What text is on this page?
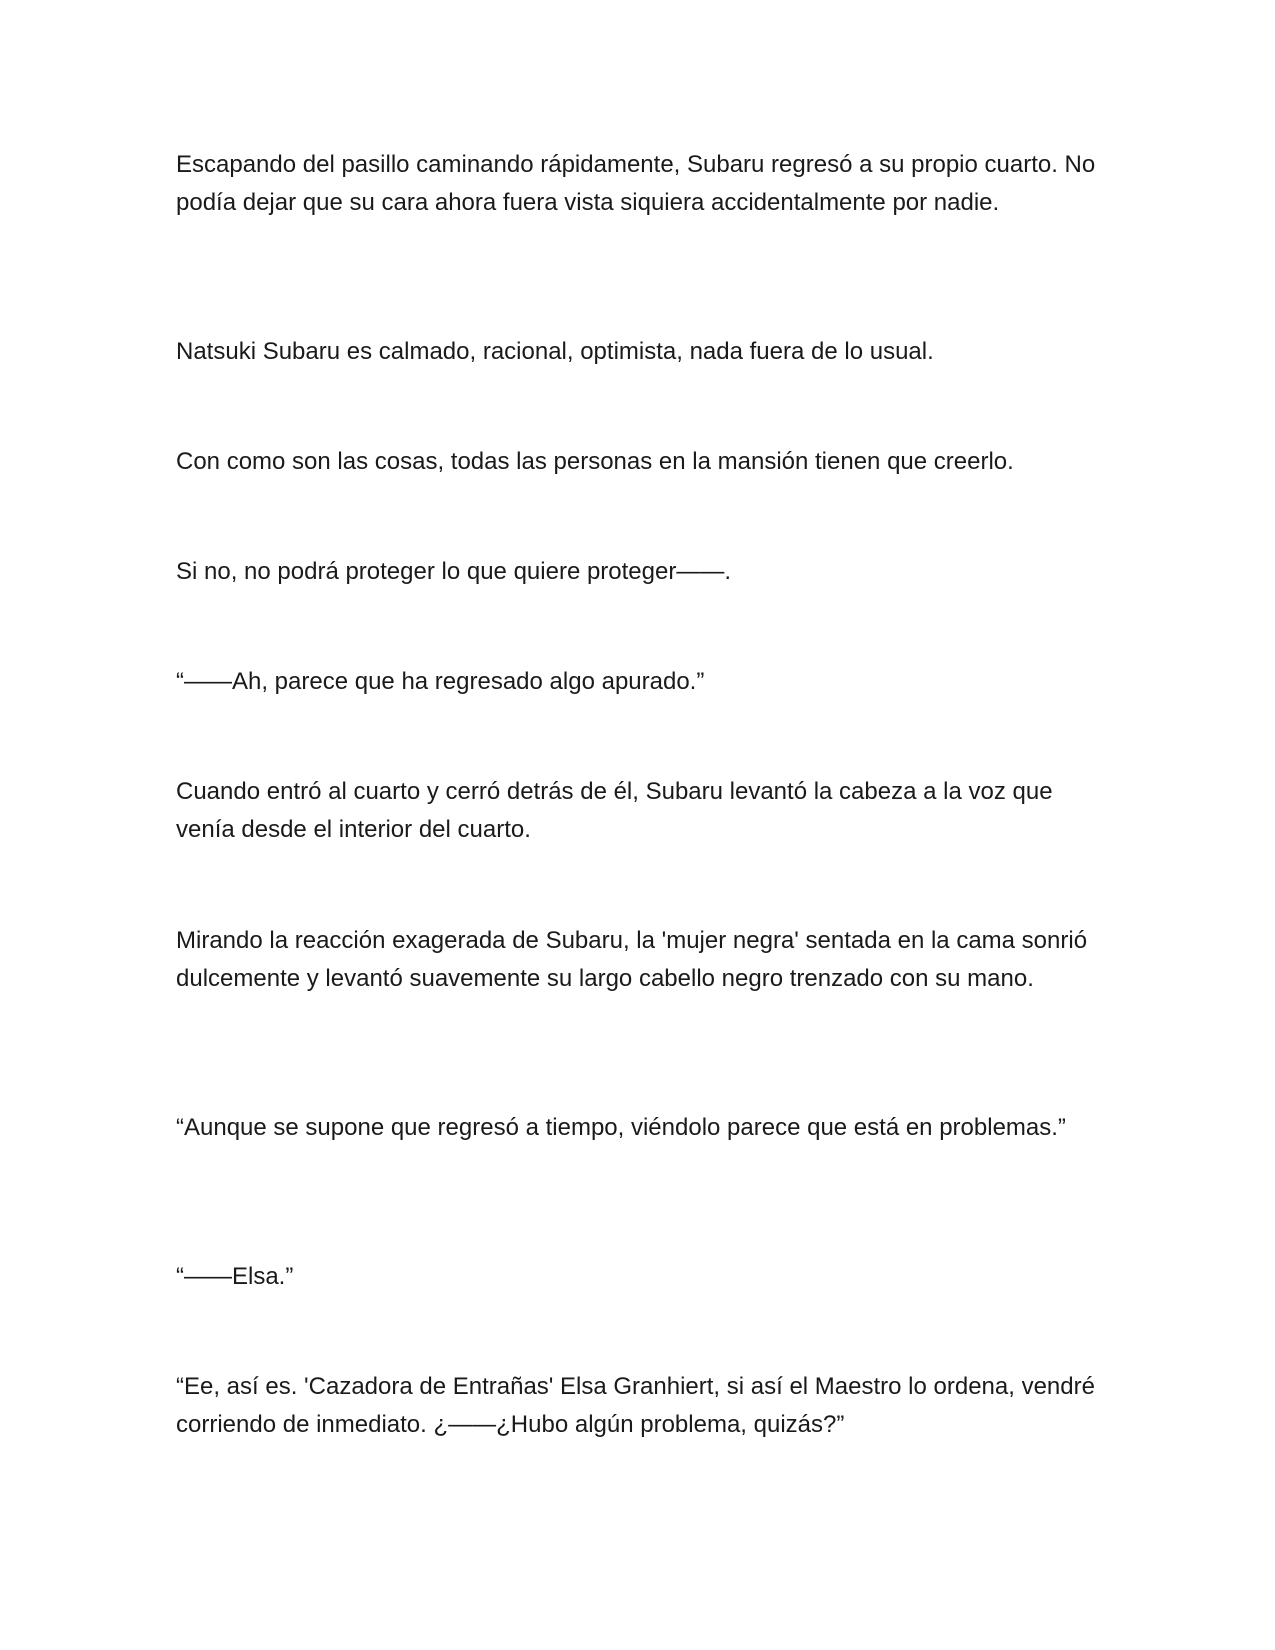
Escapando del pasillo caminando rápidamente, Subaru regresó a su propio cuarto. No podía dejar que su cara ahora fuera vista siquiera accidentalmente por nadie.

Natsuki Subaru es calmado, racional, optimista, nada fuera de lo usual.

Con como son las cosas, todas las personas en la mansión tienen que creerlo.

Si no, no podrá proteger lo que quiere proteger——.

“——Ah, parece que ha regresado algo apurado.”

Cuando entró al cuarto y cerró detrás de él, Subaru levantó la cabeza a la voz que venía desde el interior del cuarto.

Mirando la reacción exagerada de Subaru, la 'mujer negra' sentada en la cama sonrió dulcemente y levantó suavemente su largo cabello negro trenzado con su mano.

“Aunque se supone que regresó a tiempo, viéndolo parece que está en problemas.”

“——Elsa.”

“Ee, así es. 'Cazadora de Entrañas' Elsa Granhiert, si así el Maestro lo ordena, vendré corriendo de inmediato. ¿——¿Hubo algún problema, quizás?”
